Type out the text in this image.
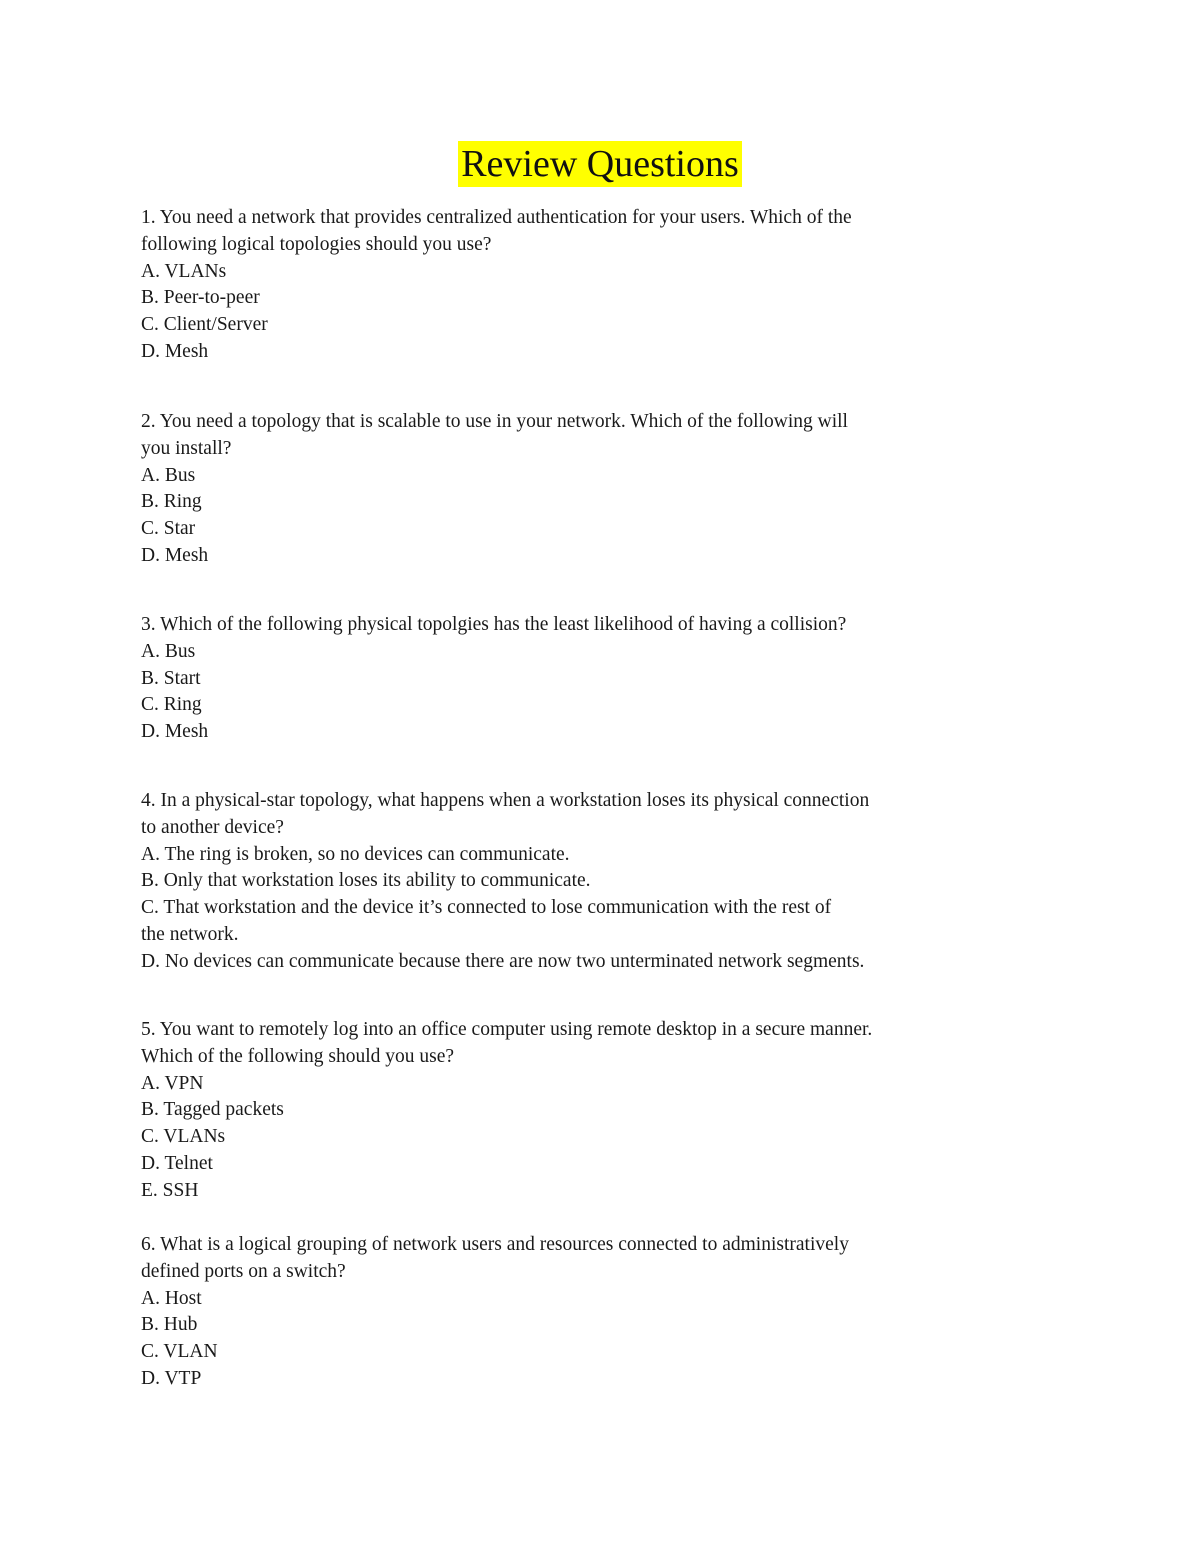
Review Questions
1. You need a network that provides centralized authentication for your users. Which of the
following logical topologies should you use?
A. VLANs
B. Peer-to-peer
C. Client/Server
D. Mesh
2. You need a topology that is scalable to use in your network. Which of the following will
you install?
A. Bus
B. Ring
C. Star
D. Mesh
3. Which of the following physical topolgies has the least likelihood of having a collision?
A. Bus
B. Start
C. Ring
D. Mesh
4. In a physical-star topology, what happens when a workstation loses its physical connection
to another device?
A. The ring is broken, so no devices can communicate.
B. Only that workstation loses its ability to communicate.
C. That workstation and the device it’s connected to lose communication with the rest of
the network.
D. No devices can communicate because there are now two unterminated network segments.
5. You want to remotely log into an office computer using remote desktop in a secure manner.
Which of the following should you use?
A. VPN
B. Tagged packets
C. VLANs
D. Telnet
E. SSH
6. What is a logical grouping of network users and resources connected to administratively
defined ports on a switch?
A. Host
B. Hub
C. VLAN
D. VTP
